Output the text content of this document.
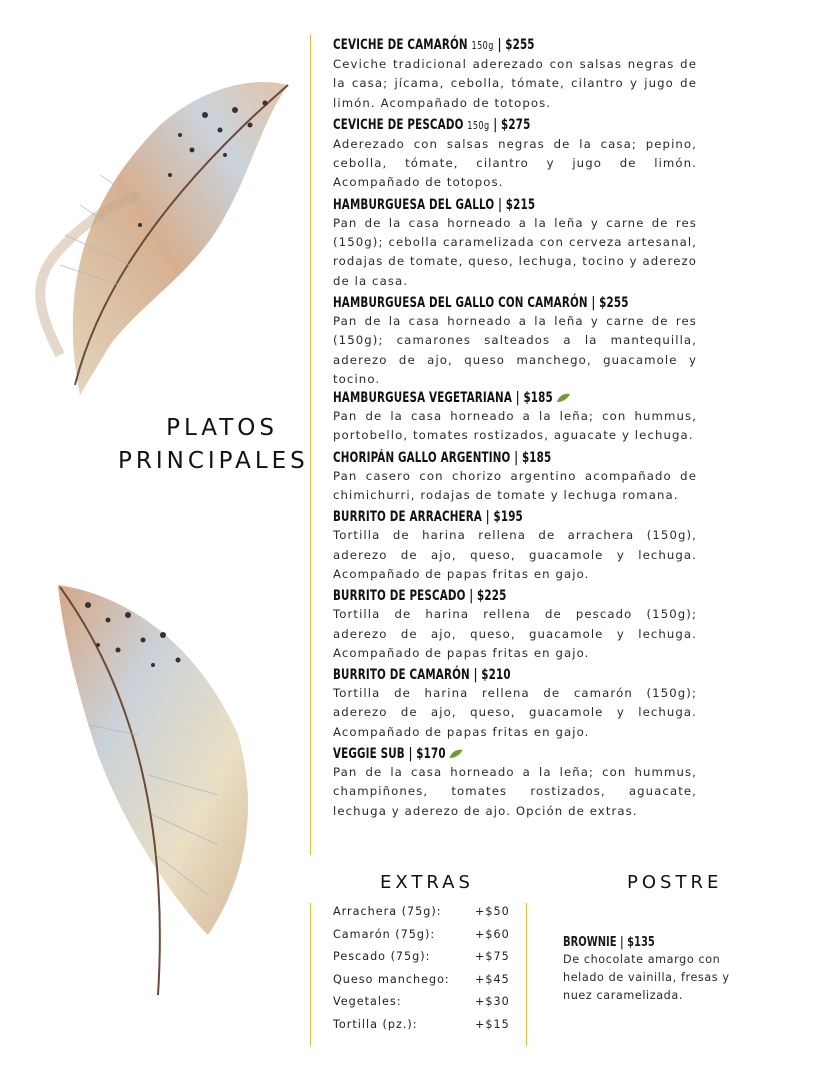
PLATOS
PRINCIPALES
CEVICHE DE CAMARÓN 150g | $255
Ceviche tradicional aderezado con salsas negras de la casa; jícama, cebolla, tómate, cilantro y jugo de limón. Acompañado de totopos.
CEVICHE DE PESCADO 150g | $275
Aderezado con salsas negras de la casa; pepino, cebolla, tómate, cilantro y jugo de limón. Acompañado de totopos.
HAMBURGUESA DEL GALLO | $215
Pan de la casa horneado a la leña y carne de res (150g); cebolla caramelizada con cerveza artesanal, rodajas de tomate, queso, lechuga, tocino y aderezo de la casa.
HAMBURGUESA DEL GALLO CON CAMARÓN | $255
Pan de la casa horneado a la leña y carne de res (150g); camarones salteados a la mantequilla, aderezo de ajo, queso manchego, guacamole y tocino.
HAMBURGUESA VEGETARIANA | $185
Pan de la casa horneado a la leña; con hummus, portobello, tomates rostizados, aguacate y lechuga.
CHORIPÁN GALLO ARGENTINO | $185
Pan casero con chorizo argentino acompañado de chimichurri, rodajas de tomate y lechuga romana.
BURRITO DE ARRACHERA | $195
Tortilla de harina rellena de arrachera (150g), aderezo de ajo, queso, guacamole y lechuga. Acompañado de papas fritas en gajo.
BURRITO DE PESCADO | $225
Tortilla de harina rellena de pescado (150g); aderezo de ajo, queso, guacamole y lechuga. Acompañado de papas fritas en gajo.
BURRITO DE CAMARÓN | $210
Tortilla de harina rellena de camarón (150g); aderezo de ajo, queso, guacamole y lechuga. Acompañado de papas fritas en gajo.
VEGGIE SUB | $170
Pan de la casa horneado a la leña; con hummus, champiñones, tomates rostizados, aguacate, lechuga y aderezo de ajo. Opción de extras.
EXTRAS	POSTRE
Arrachera (75g):	+$50
Camarón (75g):	+$60
Pescado (75g):	+$75
Queso manchego: +$45
Vegetales:	+$30
Tortilla (pz.):	+$15
BROWNIE | $135
De chocolate amargo con helado de vainilla, fresas y nuez caramelizada.
